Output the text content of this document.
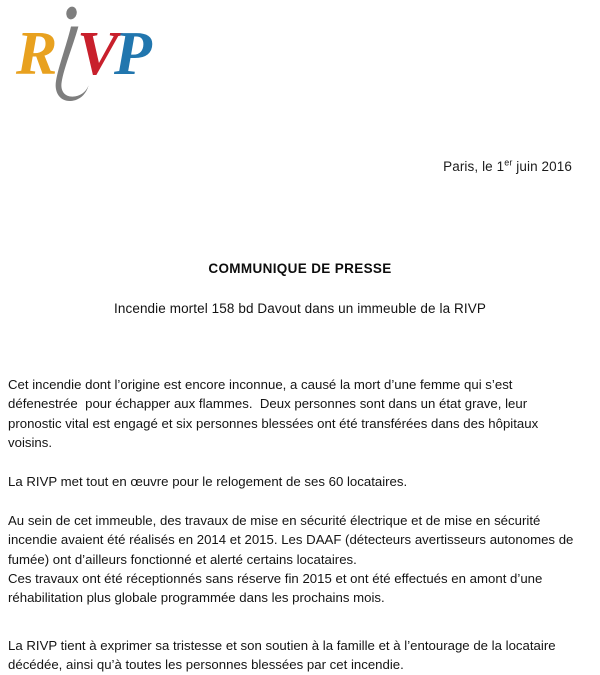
R V
P
Paris, le 1er juin 2016
COMMUNIQUE DE PRESSE
Incendie mortel 158 bd Davout dans un immeuble de la RIVP

Cet incendie dont l’origine est encore inconnue, a causé la mort d’une femme qui s’est défenestrée  pour échapper aux flammes.  Deux personnes sont dans un état grave, leur pronostic vital est engagé et six personnes blessées ont été transférées dans des hôpitaux voisins.

La RIVP met tout en œuvre pour le relogement de ses 60 locataires.

Au sein de cet immeuble, des travaux de mise en sécurité électrique et de mise en sécurité incendie avaient été réalisés en 2014 et 2015. Les DAAF (détecteurs avertisseurs autonomes de fumée) ont d’ailleurs fonctionné et alerté certains locataires.

Ces travaux ont été réceptionnés sans réserve fin 2015 et ont été effectués en amont d’une réhabilitation plus globale programmée dans les prochains mois.

La RIVP tient à exprimer sa tristesse et son soutien à la famille et à l’entourage de la locataire décédée, ainsi qu’à toutes les personnes blessées par cet incendie.
